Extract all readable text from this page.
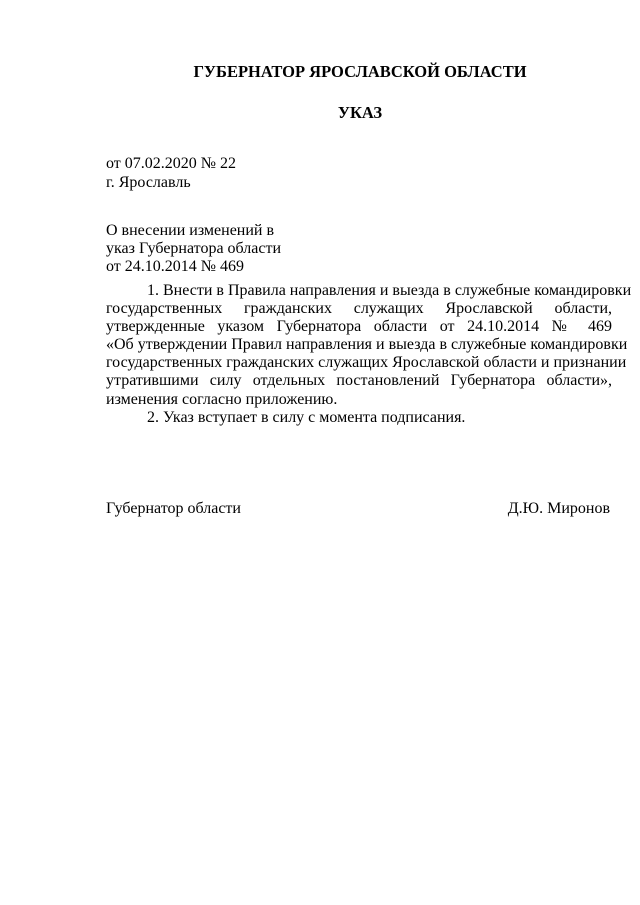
ГУБЕРНАТОР ЯРОСЛАВСКОЙ ОБЛАСТИ
УКАЗ
от 07.02.2020 № 22
г. Ярославль
О внесении изменений в
указ Губернатора области
от 24.10.2014 № 469
1. Внести в Правила направления и выезда в служебные командировки
государственных гражданских служащих Ярославской области,
утвержденные указом Губернатора области от 24.10.2014 № 469
«Об утверждении Правил направления и выезда в служебные командировки
государственных гражданских служащих Ярославской области и признании
утратившими силу отдельных постановлений Губернатора области»,
изменения согласно приложению.
2. Указ вступает в силу с момента подписания.
Губернатор области	Д.Ю. Миронов
